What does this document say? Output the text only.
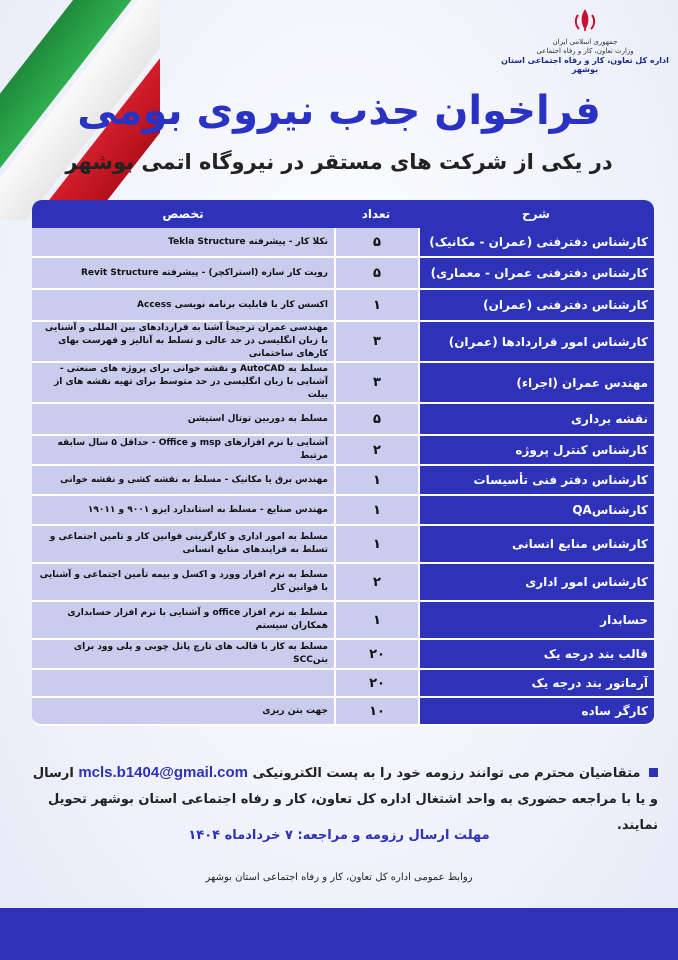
جمهوری اسلامی ایران
وزارت تعاون، کار و رفاه اجتماعی
اداره کل تعاون، کار و رفاه اجتماعی استان بوشهر
فراخوان جذب نیروی بومی
در یکی از شرکت های مستقر در نیروگاه اتمی بوشهر
شرح	تعداد	تخصص
کارشناس دفترفنی (عمران - مکانیک)	۵	نکلا کار - پیشرفته Tekla Structure
کارشناس دفترفنی عمران - معماری)	۵	رویت کار سازه (استراکچر) - پیشرفته Revit Structure
کارشناس دفترفنی (عمران)	۱	اکسس کار با قابلیت برنامه نویسی Access
کارشناس امور قراردادها (عمران)	۳	مهندسی عمران ترجیحاً آشنا به قراردادهای بین المللی و آشنایی با زبان انگلیسی در حد عالی و تسلط به آنالیز و فهرست بهای کارهای ساختمانی
مهندس عمران (اجراء)	۳	مسلط به AutoCAD و نقشه خوانی برای پروژه های صنعتی - آشنایی با زبان انگلیسی در حد متوسط برای تهیه نقشه های از بیلت
نقشه برداری	۵	مسلط به دوربین توتال استیشن
کارشناس کنترل پروژه	۲	آشنایی با نرم افزارهای msp و Office - حداقل ۵ سال سابقه مرتبط
کارشناس دفتر فنی تأسیسات	۱	مهندس برق یا مکانیک - مسلط به نقشه کشی و نقشه خوانی
کارشناسQA	۱	مهندس صنایع - مسلط به استاندارد ایزو ۹۰۰۱ و ۱۹۰۱۱
کارشناس منابع انسانی	۱	مسلط به امور اداری و کارگزینی قوانین کار و تامین اجتماعی و تسلط به فرایندهای منابع انسانی
کارشناس امور اداری	۲	مسلط به نرم افزار وورد و اکسل و بیمه تأمین اجتماعی و آشنایی با قوانین کار
حسابدار	۱	مسلط به نرم افزار office و آشنایی با نرم افزار حسابداری همکاران سیستم
قالب بند درجه یک	۲۰	مسلط به کار با قالب های تارچ پانل چوبی و پلی وود برای بتنSCC
آرماتور بند درجه یک	۲۰	
کارگر ساده	۱۰	جهت بتن ریزی
متقاضیان محترم می توانند رزومه خود را به پست الکترونیکی mcls.b1404@gmail.com ارسال و یا با مراجعه حضوری به واحد اشتغال اداره کل تعاون، کار و رفاه اجتماعی استان بوشهر تحویل نمایند.
مهلت ارسال رزومه و مراجعه: ۷ خردادماه ۱۴۰۴
روابط عمومی اداره کل تعاون، کار و رفاه اجتماعی استان بوشهر
